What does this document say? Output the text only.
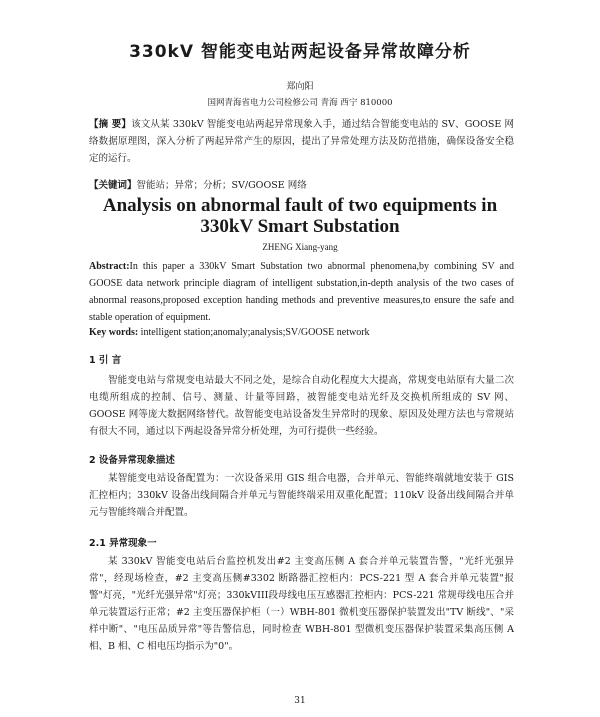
330kV 智能变电站两起设备异常故障分析
郑向阳
国网青海省电力公司检修公司 青海 西宁 810000
【摘 要】该文从某 330kV 智能变电站两起异常现象入手，通过结合智能变电站的 SV、GOOSE 网络数据原理图，深入分析了两起异常产生的原因，提出了异常处理方法及防范措施，确保设备安全稳定的运行。
【关键词】智能站；异常；分析；SV/GOOSE 网络
Analysis on abnormal fault of two equipments in
330kV Smart Substation
ZHENG Xiang-yang
Abstract:In this paper a 330kV Smart Substation two abnormal phenomena,by combining SV and GOOSE data network principle diagram of intelligent substation,in-depth analysis of the two cases of abnormal reasons,proposed exception handing methods and preventive measures,to ensure the safe and stable operation of equipment.
Key words: intelligent station;anomaly;analysis;SV/GOOSE network
1 引 言
智能变电站与常规变电站最大不同之处，是综合自动化程度大大提高，常规变电站原有大量二次电缆所组成的控制、信号、测量、计量等回路，被智能变电站光纤及交换机所组成的 SV 网、GOOSE 网等庞大数据网络替代。故智能变电站设备发生异常时的现象、原因及处理方法也与常规站有很大不同，通过以下两起设备异常分析处理，为可行提供一些经验。
2 设备异常现象描述
某智能变电站设备配置为：一次设备采用 GIS 组合电器，合并单元、智能终端就地安装于 GIS 汇控柜内；330kV 设备出线间隔合并单元与智能终端采用双重化配置；110kV 设备出线间隔合并单元与智能终端合并配置。
2.1 异常现象一
某 330kV 智能变电站后台监控机发出#2 主变高压侧 A 套合并单元装置告警，"光纤光强异常"，经现场检查，#2 主变高压侧#3302 断路器汇控柜内：PCS-221 型 A 套合并单元装置"报警"灯亮，"光纤光强异常"灯亮；330kVIII段母线电压互感器汇控柜内：PCS-221 常规母线电压合并单元装置运行正常；#2 主变压器保护柜（一）WBH-801 微机变压器保护装置发出"TV 断线"、"采样中断"、"电压品质异常"等告警信息，同时检查 WBH-801 型微机变压器保护装置采集高压侧 A 相、B 相、C 相电压均指示为"0"。
31
